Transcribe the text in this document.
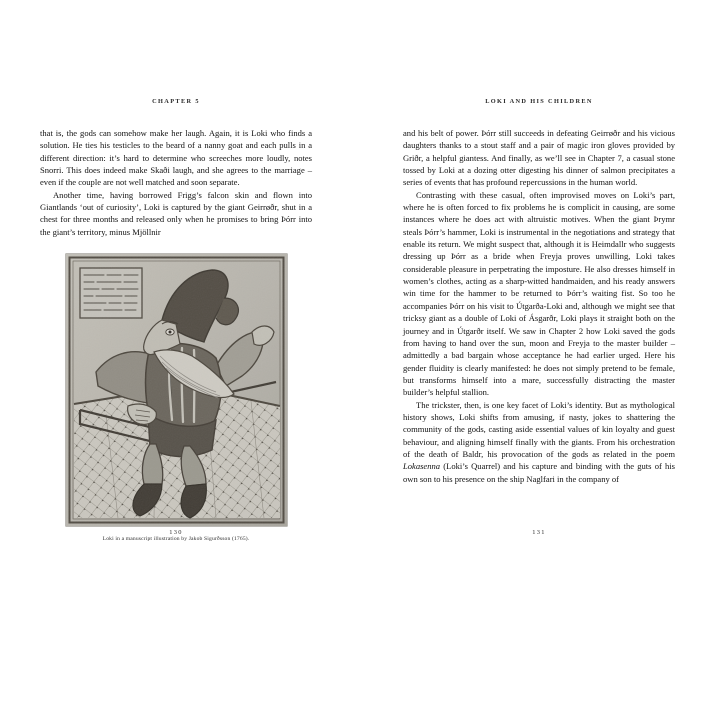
CHAPTER 5

that is, the gods can somehow make her laugh. Again, it is Loki who finds a solution. He ties his testicles to the beard of a nanny goat and each pulls in a different direction: it’s hard to determine who screeches more loudly, notes Snorri. This does indeed make Skaði laugh, and she agrees to the marriage – even if the couple are not well matched and soon separate.

Another time, having borrowed Frigg’s falcon skin and flown into Giantlands ‘out of curiosity’, Loki is captured by the giant Geirrøðr, shut in a chest for three months and released only when he promises to bring Þórr into the giant’s territory, minus Mjöllnir

Loki in a manuscript illustration by Jakob Sigurðsson (1765).
130
LOKI AND HIS CHILDREN

and his belt of power. Þórr still succeeds in defeating Geirrøðr and his vicious daughters thanks to a stout staff and a pair of magic iron gloves provided by Griðr, a helpful giantess. And finally, as we’ll see in Chapter 7, a casual stone tossed by Loki at a dozing otter digesting his dinner of salmon precipitates a series of events that has profound repercussions in the human world.

Contrasting with these casual, often improvised moves on Loki’s part, where he is often forced to fix problems he is complicit in causing, are some instances where he does act with altruistic motives. When the giant Þrymr steals Þórr’s hammer, Loki is instrumental in the negotiations and strategy that enable its return. We might suspect that, although it is Heimdallr who suggests dressing up Þórr as a bride when Freyja proves unwilling, Loki takes considerable pleasure in perpetrating the imposture. He also dresses himself in women’s clothes, acting as a sharp-witted handmaiden, and his ready answers win time for the hammer to be returned to Þórr’s waiting fist. So too he accompanies Þórr on his visit to Útgarða-Loki and, although we might see that tricksy giant as a double of Loki of Ásgarðr, Loki plays it straight both on the journey and in Útgarðr itself. We saw in Chapter 2 how Loki saved the gods from having to hand over the sun, moon and Freyja to the master builder – admittedly a bad bargain whose acceptance he had earlier urged. Here his gender fluidity is clearly manifested: he does not simply pretend to be female, but transforms himself into a mare, successfully distracting the master builder’s helpful stallion.

The trickster, then, is one key facet of Loki’s identity. But as mythological history shows, Loki shifts from amusing, if nasty, jokes to shattering the community of the gods, casting aside essential values of kin loyalty and guest behaviour, and aligning himself finally with the giants. From his orchestration of the death of Baldr, his provocation of the gods as related in the poem Lokasenna (Loki’s Quarrel) and his capture and binding with the guts of his own son to his presence on the ship Naglfari in the company of

131
